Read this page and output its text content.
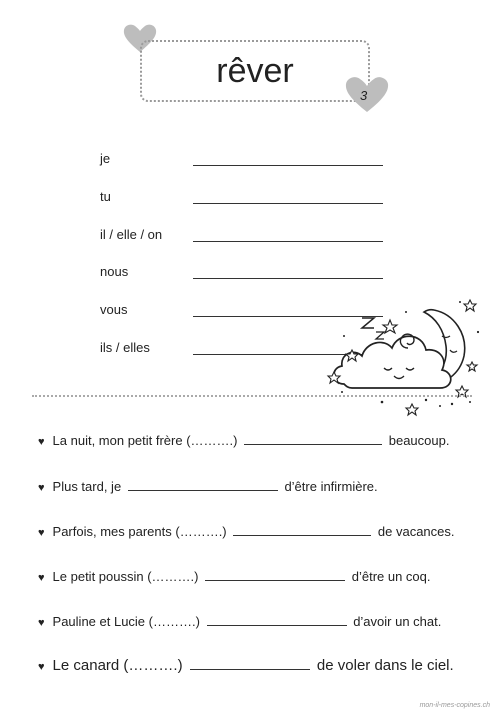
rêver
3
je
tu
il / elle / on
nous
vous
ils / elles
♥ La nuit, mon petit frère (……….)	beaucoup.
♥ Plus tard, je	d’être infirmière.
♥ Parfois, mes parents (……….)	de vacances.
♥ Le petit poussin (……….)	d’être un coq.
♥ Pauline et Lucie (……….)	d’avoir un chat.
♥ Le canard (……….)	de voler dans le ciel.
mon-il-mes-copines.ch
